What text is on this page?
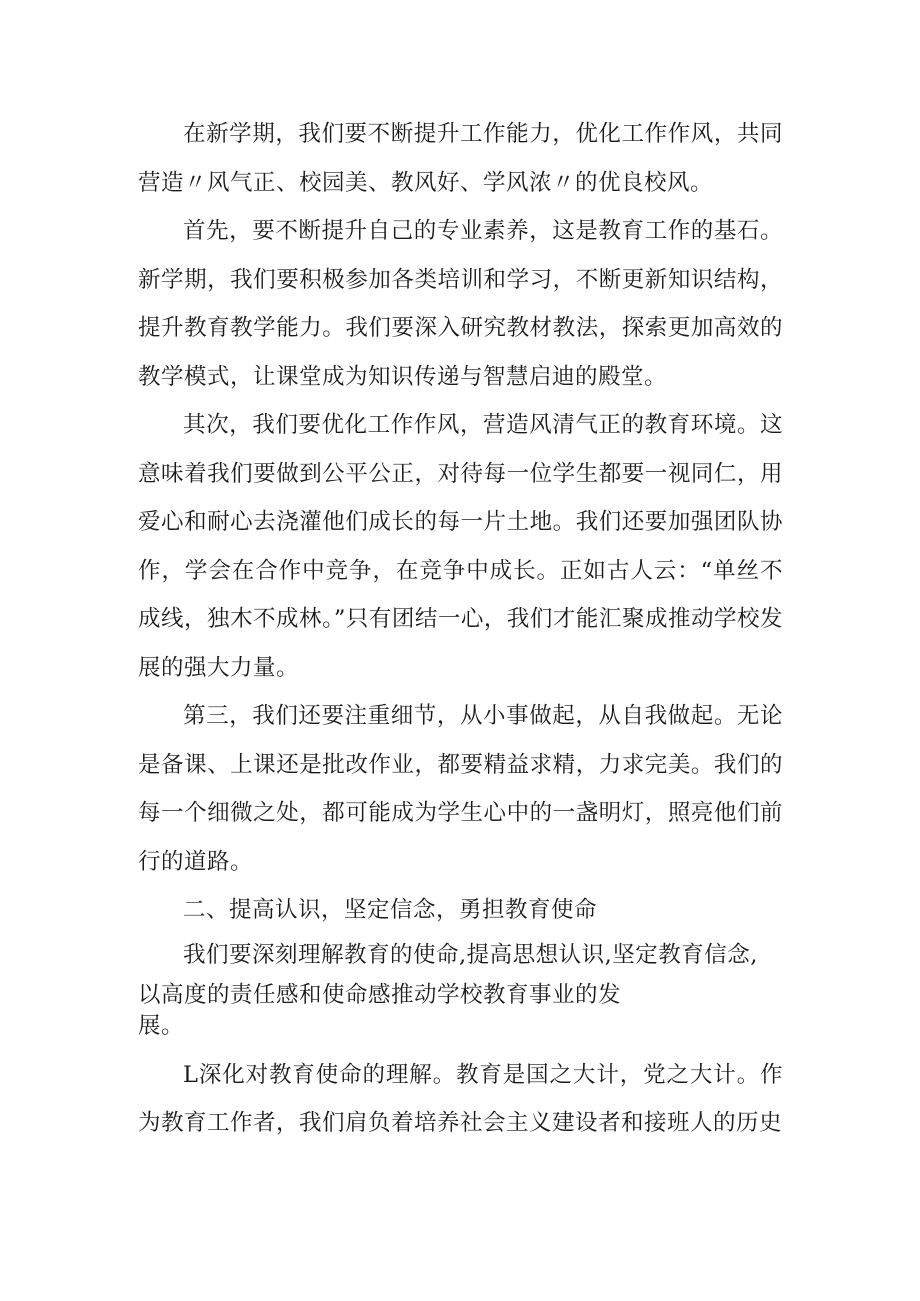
在新学期，我们要不断提升工作能力，优化工作作风，共同营造〃风气正、校园美、教风好、学风浓〃的优良校风。

首先，要不断提升自己的专业素养，这是教育工作的基石。新学期，我们要积极参加各类培训和学习，不断更新知识结构，提升教育教学能力。我们要深入研究教材教法，探索更加高效的教学模式，让课堂成为知识传递与智慧启迪的殿堂。

其次，我们要优化工作作风，营造风清气正的教育环境。这意味着我们要做到公平公正，对待每一位学生都要一视同仁，用爱心和耐心去浇灌他们成长的每一片土地。我们还要加强团队协作，学会在合作中竞争，在竞争中成长。正如古人云：“单丝不成线，独木不成林。”只有团结一心，我们才能汇聚成推动学校发展的强大力量。

第三，我们还要注重细节，从小事做起，从自我做起。无论是备课、上课还是批改作业，都要精益求精，力求完美。我们的每一个细微之处，都可能成为学生心中的一盏明灯，照亮他们前行的道路。

二、提高认识，坚定信念，勇担教育使命

我们要深刻理解教育的使命,提高思想认识,坚定教育信念,

以高度的责任感和使命感推动学校教育事业的发

展。

L深化对教育使命的理解。教育是国之大计，党之大计。作为教育工作者，我们肩负着培养社会主义建设者和接班人的历史
